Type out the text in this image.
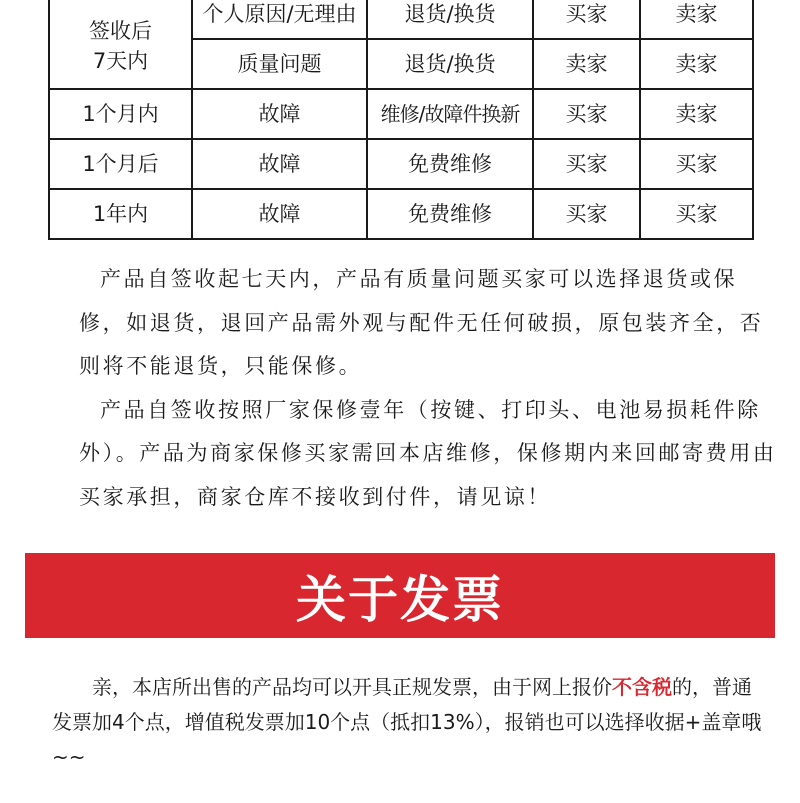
签收后
7天内	个人原因/无理由	退货/换货	买家	卖家
	质量问题	退货/换货	卖家	卖家
1个月内	故障	维修/故障件换新	买家	卖家
1个月后	故障	免费维修	买家	买家
1年内	故障	免费维修	买家	买家

产品自签收起七天内，产品有质量问题买家可以选择退货或保修，如退货，退回产品需外观与配件无任何破损，原包装齐全，否则将不能退货，只能保修。

产品自签收按照厂家保修壹年（按键、打印头、电池易损耗件除外）。产品为商家保修买家需回本店维修，保修期内来回邮寄费用由买家承担，商家仓库不接收到付件，请见谅！

关于发票
亲，本店所出售的产品均可以开具正规发票，由于网上报价不含税的，普通发票加4个点，增值税发票加10个点（抵扣13%），报销也可以选择收据+盖章哦~~
